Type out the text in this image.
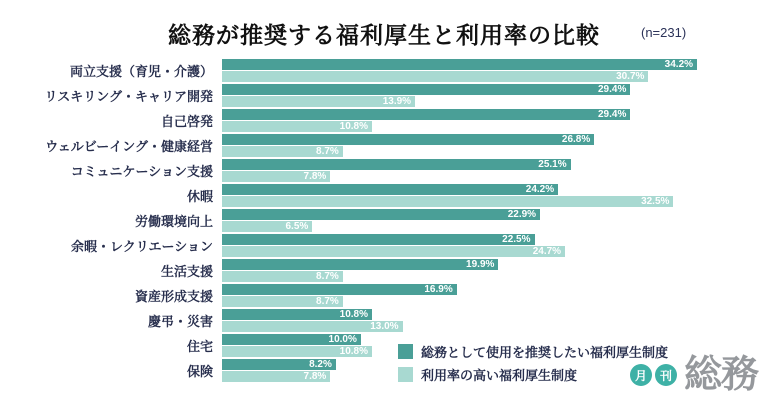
総務が推奨する福利厚生と利用率の比較	(n=231)
両立支援（育児・介護）	34.2%
30.7%
リスキリング・キャリア開発	29.4%
13.9%
自己啓発	29.4%
10.8%
ウェルビーイング・健康経営	26.8%
8.7%
コミュニケーション支援	25.1%
7.8%
休暇	24.2%
32.5%
労働環境向上	22.9%
6.5%
余暇・レクリエーション	22.5%
24.7%
生活支援	19.9%
8.7%
資産形成支援	16.9%
8.7%
慶弔・災害	10.8%
13.0%
住宅	10.0%
10.8%
保険	8.2%
7.8%
総務として使用を推奨したい福利厚生制度
利用率の高い福利厚生制度	月	刊 総務
